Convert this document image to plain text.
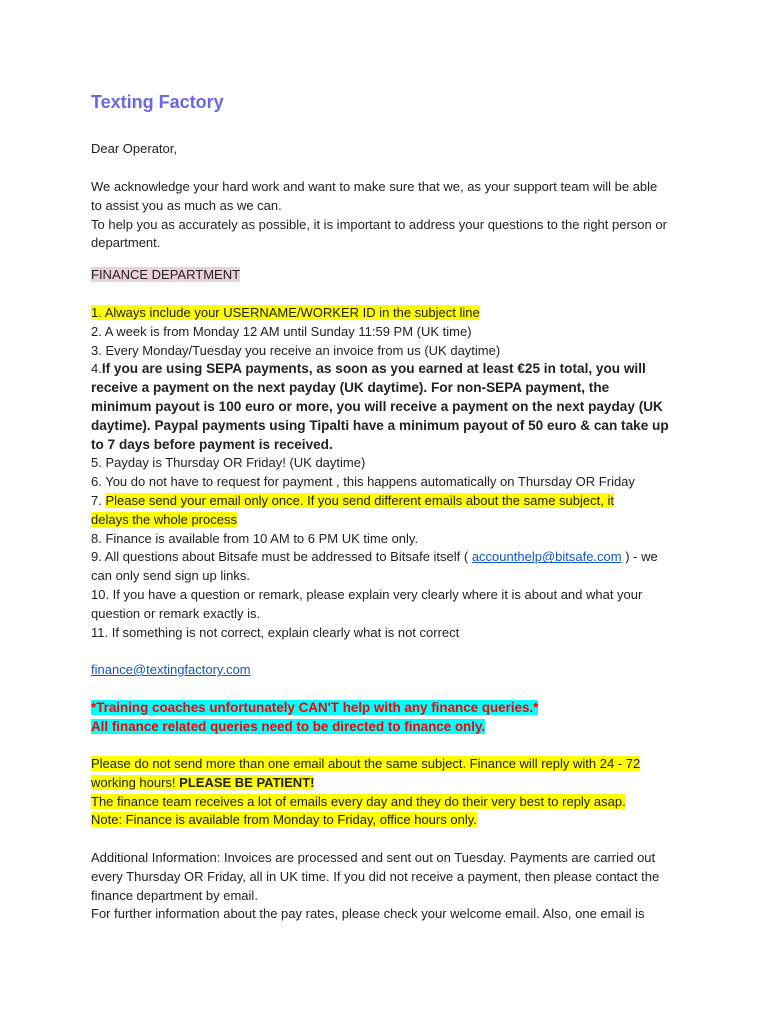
Texting Factory
Dear Operator,
We acknowledge your hard work and want to make sure that we, as your support team will be able
to assist you as much as we can.
To help you as accurately as possible, it is important to address your questions to the right person or
department.
FINANCE DEPARTMENT
1. Always include your USERNAME/WORKER ID in the subject line
2. A week is from Monday 12 AM until Sunday 11:59 PM (UK time)
3. Every Monday/Tuesday you receive an invoice from us (UK daytime)
4.If you are using SEPA payments, as soon as you earned at least €25 in total, you will
receive a payment on the next payday (UK daytime). For non-SEPA payment, the
minimum payout is 100 euro or more, you will receive a payment on the next payday (UK
daytime). Paypal payments using Tipalti have a minimum payout of 50 euro & can take up
to 7 days before payment is received.
5. Payday is Thursday OR Friday! (UK daytime)
6. You do not have to request for payment , this happens automatically on Thursday OR Friday
7. Please send your email only once. If you send different emails about the same subject, it
delays the whole process
8. Finance is available from 10 AM to 6 PM UK time only.
9. All questions about Bitsafe must be addressed to Bitsafe itself ( accounthelp@bitsafe.com ) - we
can only send sign up links.
10. If you have a question or remark, please explain very clearly where it is about and what your
question or remark exactly is.
11. If something is not correct, explain clearly what is not correct
finance@textingfactory.com
*Training coaches unfortunately CAN'T help with any finance queries.*
All finance related queries need to be directed to finance only.
Please do not send more than one email about the same subject. Finance will reply with 24 - 72
working hours! PLEASE BE PATIENT!
The finance team receives a lot of emails every day and they do their very best to reply asap.
Note: Finance is available from Monday to Friday, office hours only.
Additional Information: Invoices are processed and sent out on Tuesday. Payments are carried out
every Thursday OR Friday, all in UK time. If you did not receive a payment, then please contact the
finance department by email.
For further information about the pay rates, please check your welcome email. Also, one email is
